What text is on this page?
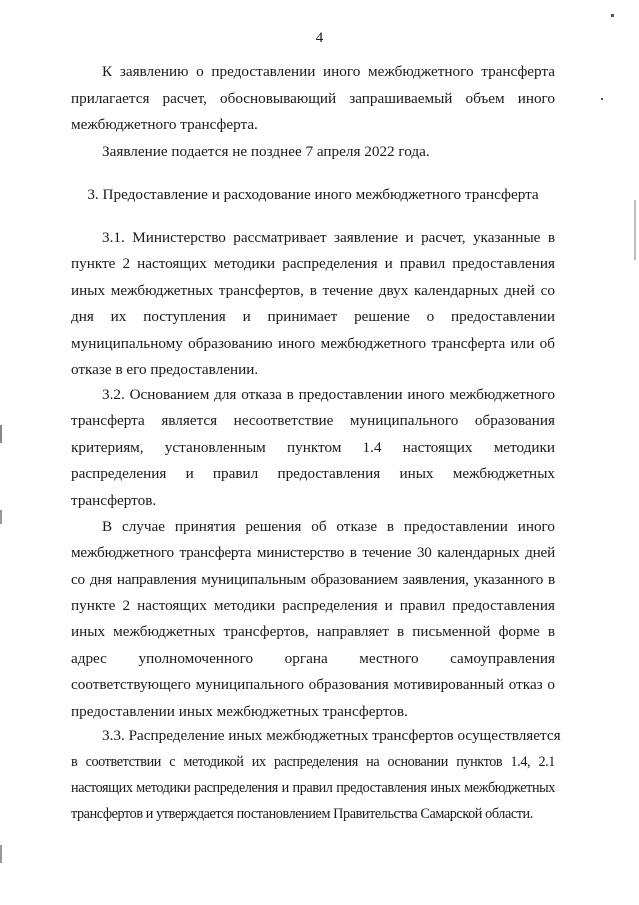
4
К заявлению о предоставлении иного межбюджетного трансферта
прилагается расчет, обосновывающий запрашиваемый объем иного
межбюджетного трансферта.
Заявление подается не позднее 7 апреля 2022 года.
3. Предоставление и расходование иного межбюджетного трансферта
3.1. Министерство рассматривает заявление и расчет, указанные в
пункте 2 настоящих методики распределения и правил предоставления
иных межбюджетных трансфертов, в течение двух календарных дней со
дня их поступления и принимает решение о предоставлении
муниципальному образованию иного межбюджетного трансферта или об
отказе в его предоставлении.
3.2. Основанием для отказа в предоставлении иного межбюджетного
трансферта является несоответствие муниципального образования
критериям, установленным пунктом 1.4 настоящих методики
распределения и правил предоставления иных межбюджетных
трансфертов.
В случае принятия решения об отказе в предоставлении иного
межбюджетного трансферта министерство в течение 30 календарных дней
со дня направления муниципальным образованием заявления, указанного в
пункте 2 настоящих методики распределения и правил предоставления
иных межбюджетных трансфертов, направляет в письменной форме в
адрес уполномоченного органа местного самоуправления
соответствующего муниципального образования мотивированный отказ о
предоставлении иных межбюджетных трансфертов.
3.3. Распределение иных межбюджетных трансфертов осуществляется
в соответствии с методикой их распределения на основании пунктов 1.4, 2.1
настоящих методики распределения и правил предоставления иных межбюджетных
трансфертов и утверждается постановлением Правительства Самарской области.
